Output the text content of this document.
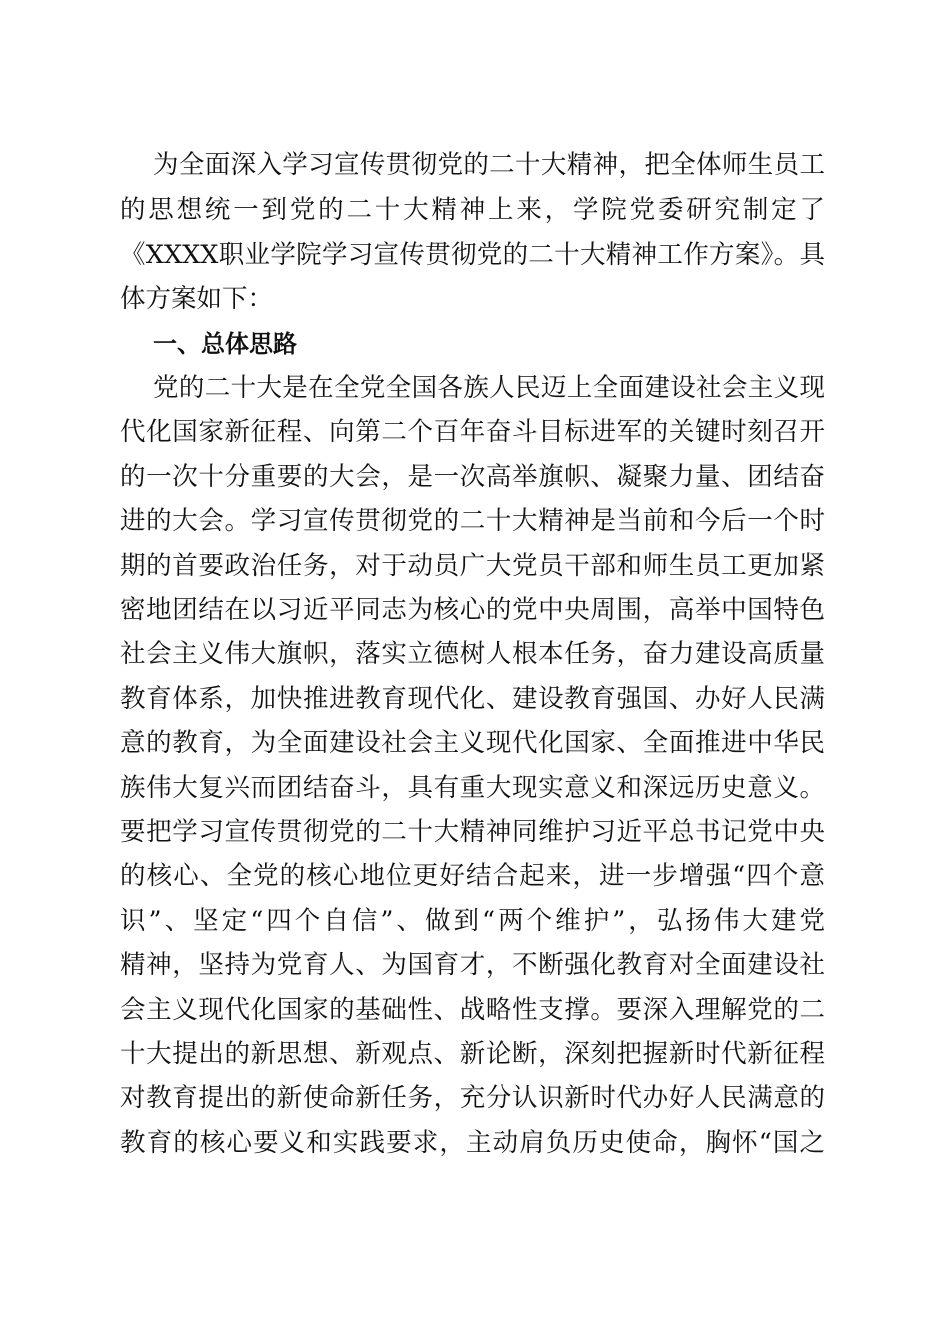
为全面深入学习宣传贯彻党的二十大精神，把全体师生员工
的思想统一到党的二十大精神上来，学院党委研究制定了
《XXXX职业学院学习宣传贯彻党的二十大精神工作方案》。具
体方案如下：
一、总体思路
党的二十大是在全党全国各族人民迈上全面建设社会主义现
代化国家新征程、向第二个百年奋斗目标进军的关键时刻召开
的一次十分重要的大会，是一次高举旗帜、凝聚力量、团结奋
进的大会。学习宣传贯彻党的二十大精神是当前和今后一个时
期的首要政治任务，对于动员广大党员干部和师生员工更加紧
密地团结在以习近平同志为核心的党中央周围，高举中国特色
社会主义伟大旗帜，落实立德树人根本任务，奋力建设高质量
教育体系，加快推进教育现代化、建设教育强国、办好人民满
意的教育，为全面建设社会主义现代化国家、全面推进中华民
族伟大复兴而团结奋斗，具有重大现实意义和深远历史意义。
要把学习宣传贯彻党的二十大精神同维护习近平总书记党中央
的核心、全党的核心地位更好结合起来，进一步增强“四个意
识”、坚定“四个自信”、做到“两个维护”，弘扬伟大建党
精神，坚持为党育人、为国育才，不断强化教育对全面建设社
会主义现代化国家的基础性、战略性支撑。要深入理解党的二
十大提出的新思想、新观点、新论断，深刻把握新时代新征程
对教育提出的新使命新任务，充分认识新时代办好人民满意的
教育的核心要义和实践要求，主动肩负历史使命，胸怀“国之
